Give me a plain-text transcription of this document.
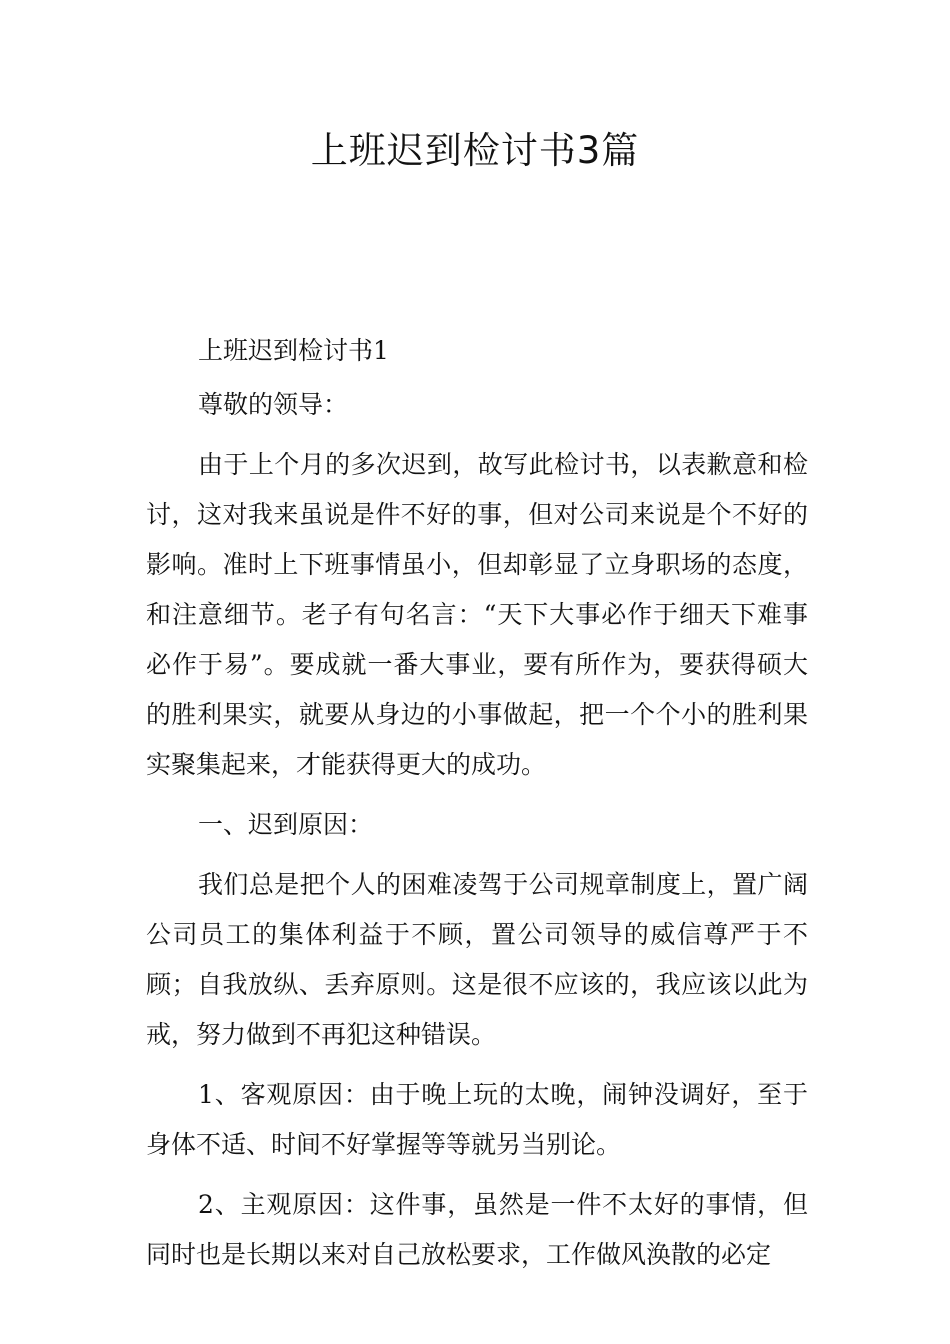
上班迟到检讨书3篇

上班迟到检讨书1

尊敬的领导：

由于上个月的多次迟到，故写此检讨书，以表歉意和检讨，这对我来虽说是件不好的事，但对公司来说是个不好的影响。准时上下班事情虽小，但却彰显了立身职场的态度，和注意细节。老子有句名言：“天下大事必作于细天下难事必作于易”。要成就一番大事业，要有所作为，要获得硕大的胜利果实，就要从身边的小事做起，把一个个小的胜利果实聚集起来，才能获得更大的成功。

一、迟到原因：

我们总是把个人的困难凌驾于公司规章制度上，置广阔公司员工的集体利益于不顾，置公司领导的威信尊严于不顾；自我放纵、丢弃原则。这是很不应该的，我应该以此为戒，努力做到不再犯这种错误。

1、客观原因：由于晚上玩的太晚，闹钟没调好，至于身体不适、时间不好掌握等等就另当别论。

2、主观原因：这件事，虽然是一件不太好的事情，但同时也是长期以来对自己放松要求，工作做风涣散的必定
